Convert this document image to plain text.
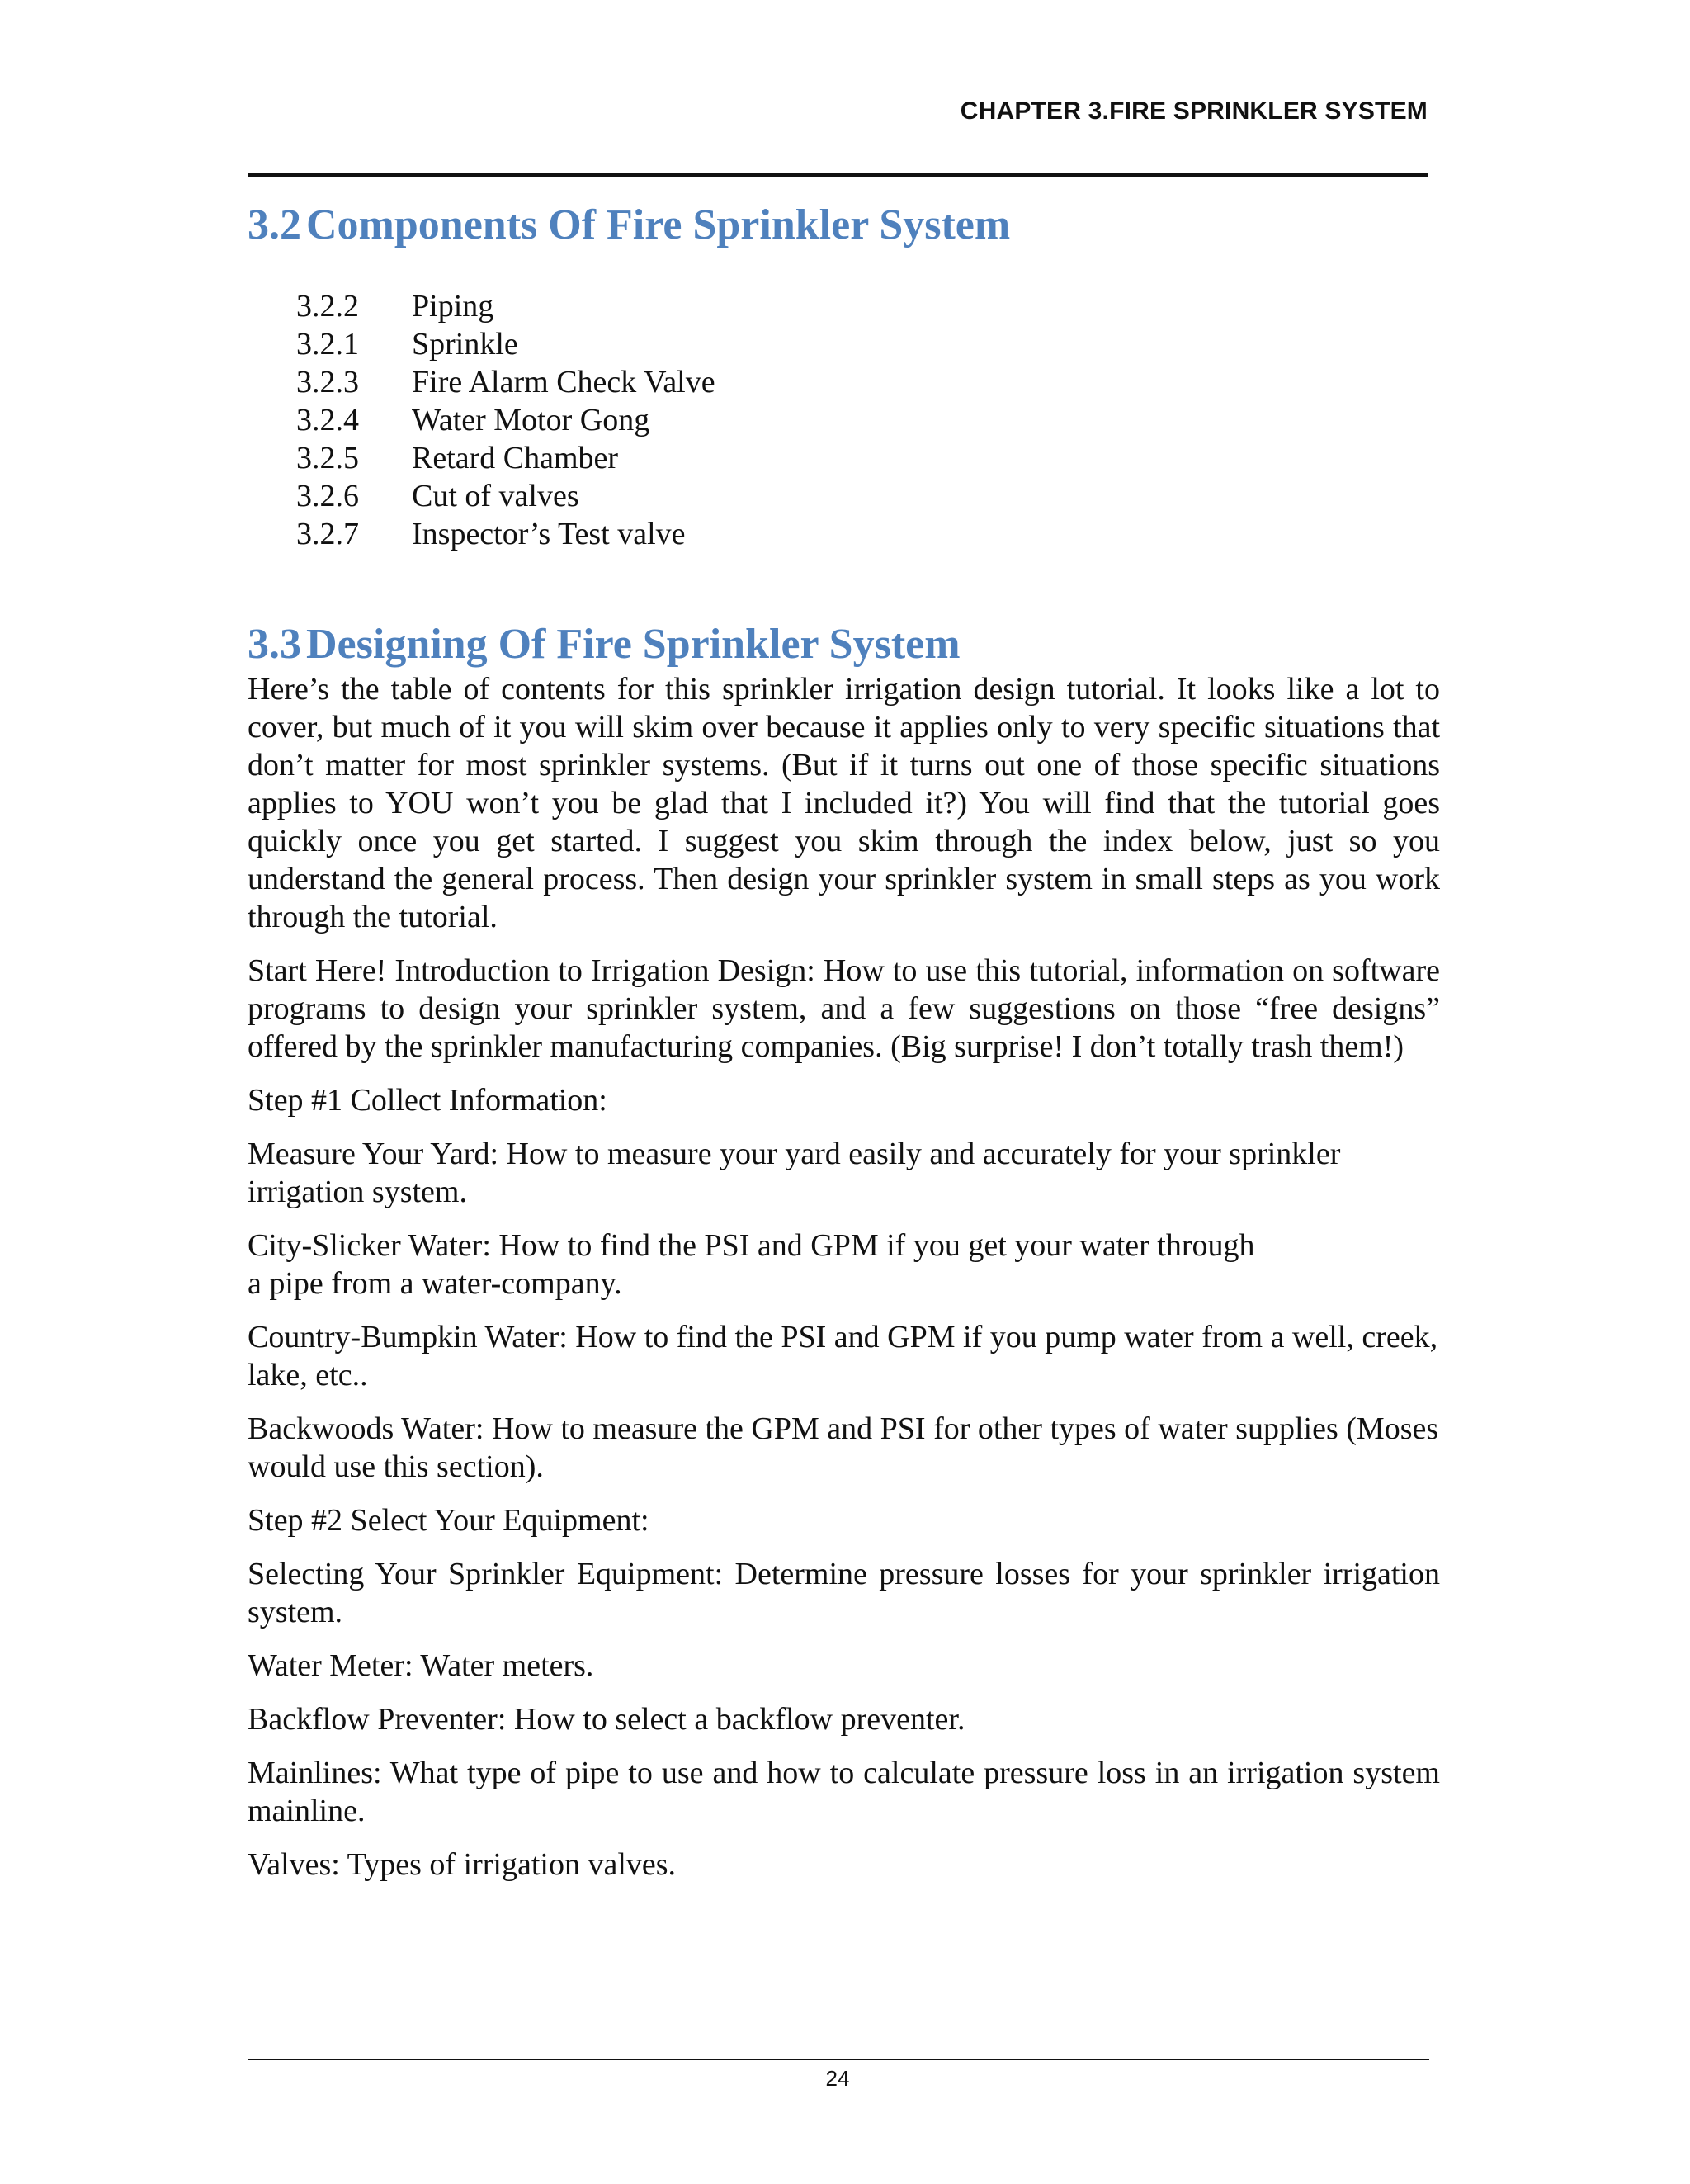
CHAPTER 3.FIRE SPRINKLER SYSTEM
3.2 Components Of Fire Sprinkler System
3.2.2	Piping
3.2.1	Sprinkle
3.2.3	Fire Alarm Check Valve
3.2.4	Water Motor Gong
3.2.5	Retard Chamber
3.2.6	Cut of valves
3.2.7	Inspector’s Test valve
3.3 Designing Of Fire Sprinkler System

Here’s the table of contents for this sprinkler irrigation design tutorial. It looks like a lot to cover, but much of it you will skim over because it applies only to very specific situations that don’t matter for most sprinkler systems. (But if it turns out one of those specific situations applies to YOU won’t you be glad that I included it?) You will find that the tutorial goes quickly once you get started. I suggest you skim through the index below, just so you understand the general process. Then design your sprinkler system in small steps as you work through the tutorial.

Start Here! Introduction to Irrigation Design: How to use this tutorial, information on software programs to design your sprinkler system, and a few suggestions on those “free designs” offered by the sprinkler manufacturing companies. (Big surprise! I don’t totally trash them!)

Step #1 Collect Information:

Measure Your Yard: How to measure your yard easily and accurately for your sprinkler irrigation system.

City-Slicker Water: How to find the PSI and GPM if you get your water through

a pipe from a water-company.

Country-Bumpkin Water: How to find the PSI and GPM if you pump water from a well, creek, lake, etc..

Backwoods Water: How to measure the GPM and PSI for other types of water supplies (Moses would use this section).

Step #2 Select Your Equipment:

Selecting Your Sprinkler Equipment: Determine pressure losses for your sprinkler irrigation system.

Water Meter: Water meters.

Backflow Preventer: How to select a backflow preventer.

Mainlines: What type of pipe to use and how to calculate pressure loss in an irrigation system mainline.

Valves: Types of irrigation valves.

24
